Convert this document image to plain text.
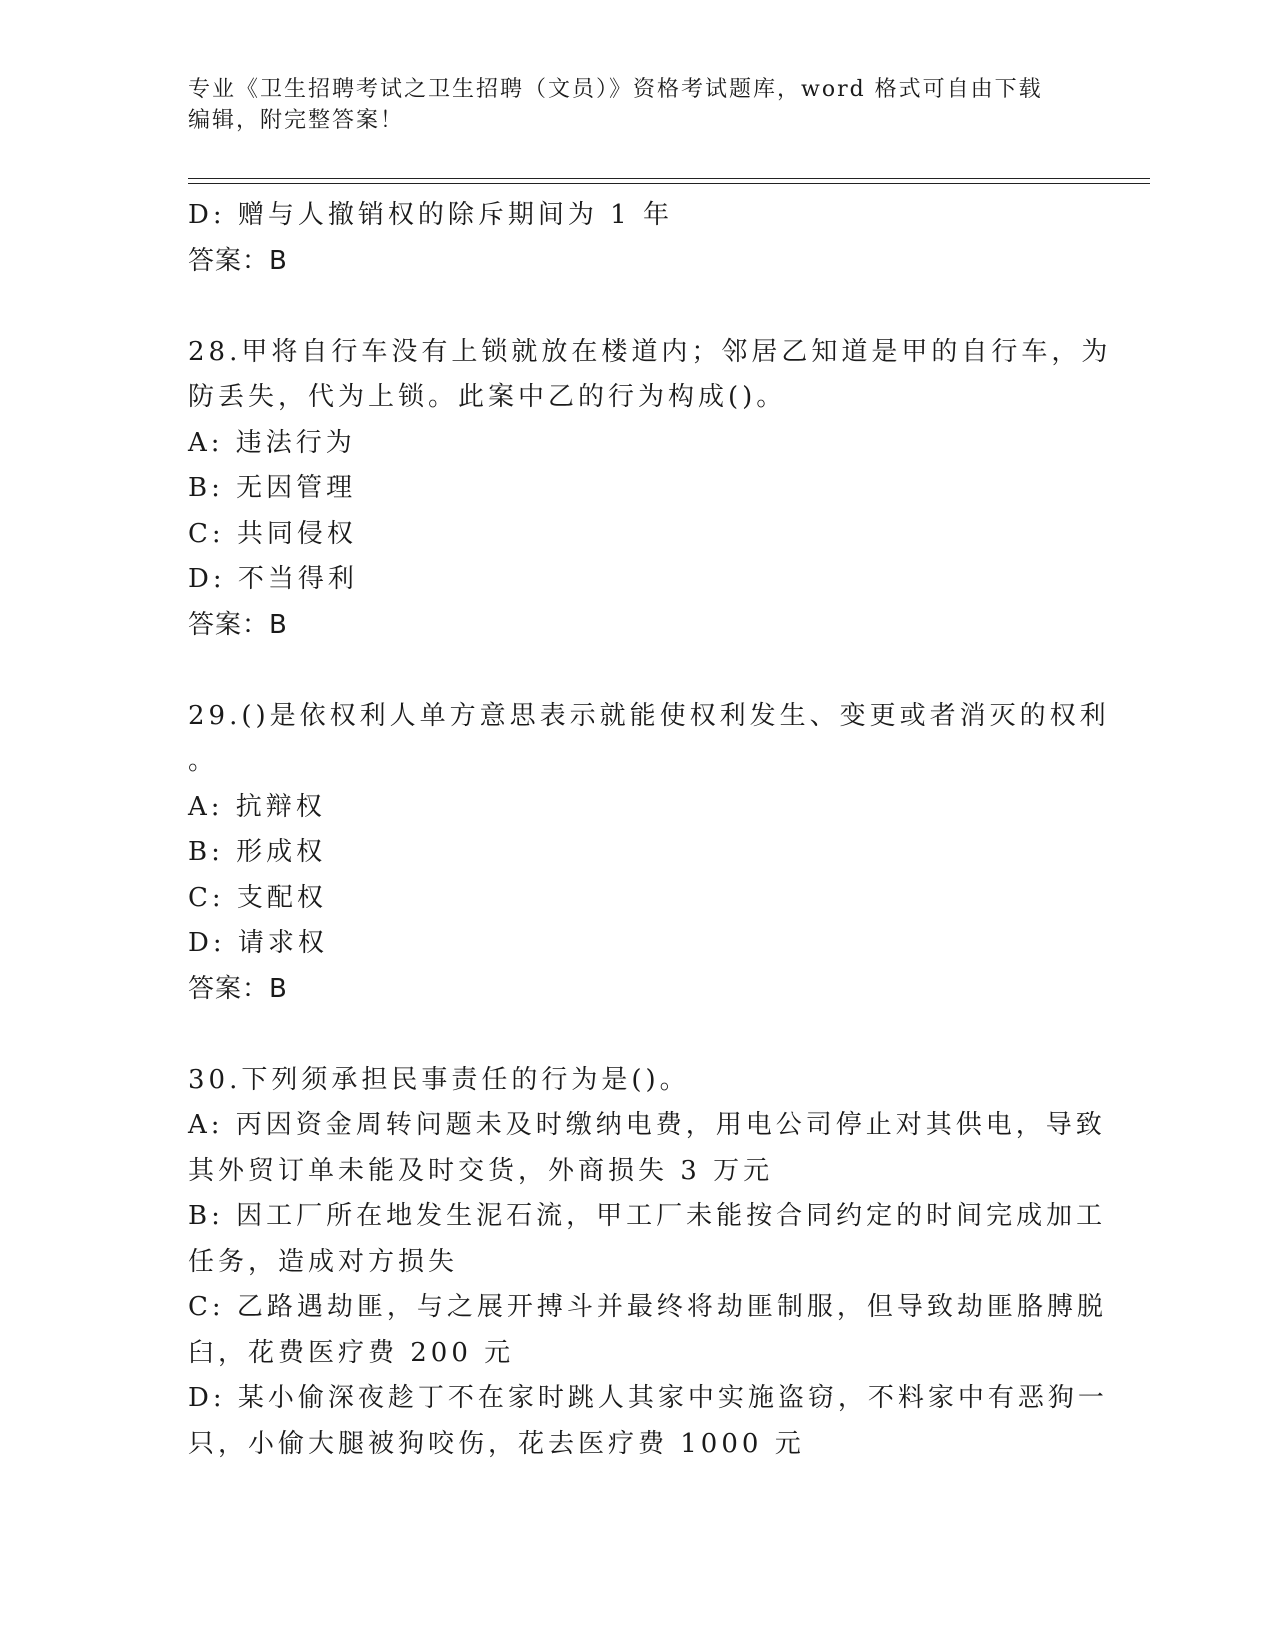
专业《卫生招聘考试之卫生招聘（文员）》资格考试题库，word 格式可自由下载
编辑，附完整答案！
D: 赠与人撤销权的除斥期间为 1 年
答案：B
28.甲将自行车没有上锁就放在楼道内；邻居乙知道是甲的自行车，为
防丢失，代为上锁。此案中乙的行为构成()。
A: 违法行为
B: 无因管理
C: 共同侵权
D: 不当得利
答案：B
29.()是依权利人单方意思表示就能使权利发生、变更或者消灭的权利
。
A: 抗辩权
B: 形成权
C: 支配权
D: 请求权
答案：B
30.下列须承担民事责任的行为是()。
A: 丙因资金周转问题未及时缴纳电费，用电公司停止对其供电，导致
其外贸订单未能及时交货，外商损失 3 万元
B: 因工厂所在地发生泥石流，甲工厂未能按合同约定的时间完成加工
任务，造成对方损失
C: 乙路遇劫匪，与之展开搏斗并最终将劫匪制服，但导致劫匪胳膊脱
臼，花费医疗费 200 元
D: 某小偷深夜趁丁不在家时跳人其家中实施盗窃，不料家中有恶狗一
只，小偷大腿被狗咬伤，花去医疗费 1000 元
